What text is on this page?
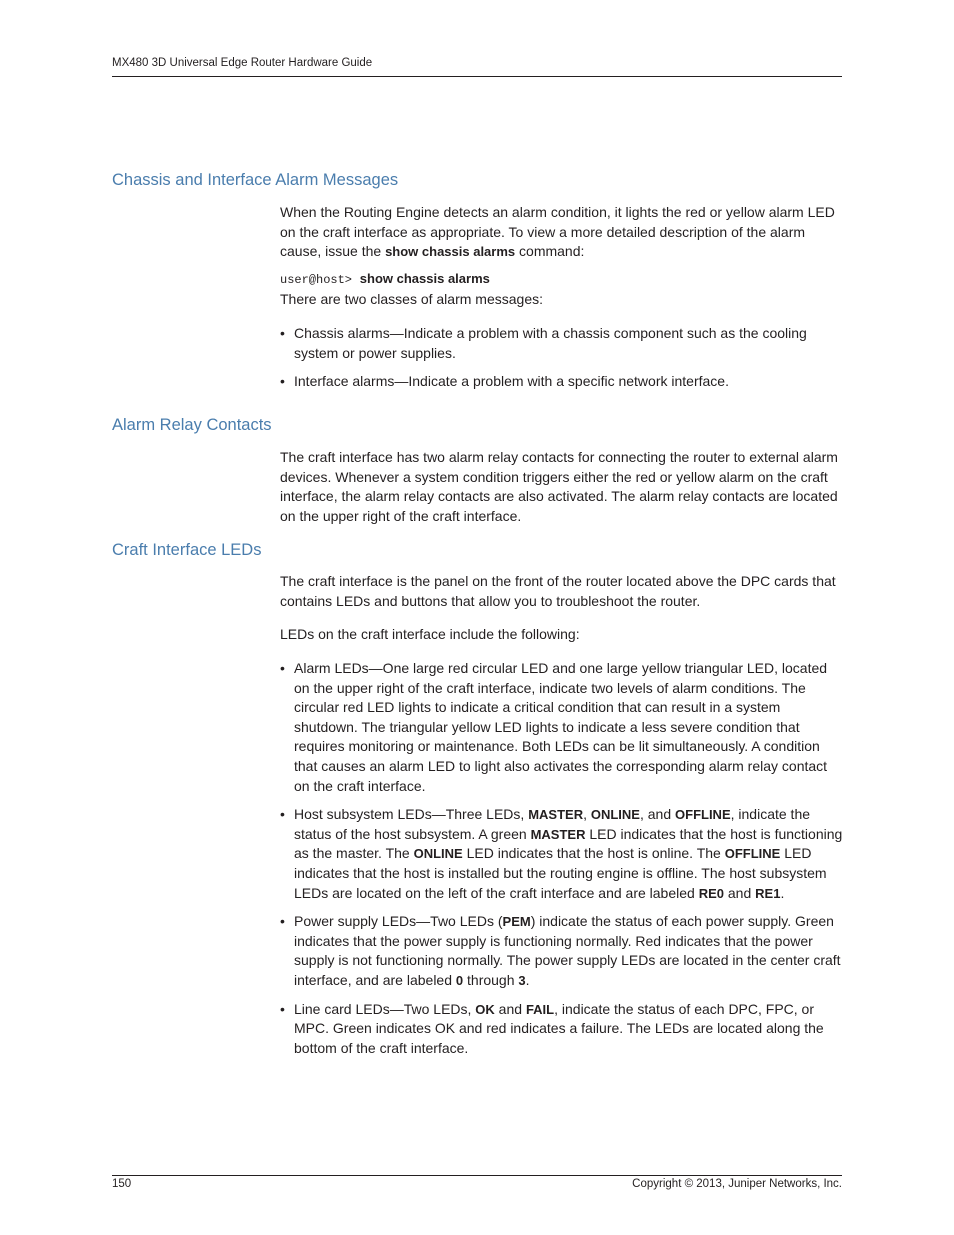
MX480 3D Universal Edge Router Hardware Guide
Chassis and Interface Alarm Messages

When the Routing Engine detects an alarm condition, it lights the red or yellow alarm LED on the craft interface as appropriate. To view a more detailed description of the alarm cause, issue the show chassis alarms command:

user@host> show chassis alarms

There are two classes of alarm messages:
• Chassis alarms—Indicate a problem with a chassis component such as the cooling system or power supplies.
• Interface alarms—Indicate a problem with a specific network interface.
Alarm Relay Contacts
The craft interface has two alarm relay contacts for connecting the router to external alarm devices. Whenever a system condition triggers either the red or yellow alarm on the craft interface, the alarm relay contacts are also activated. The alarm relay contacts are located on the upper right of the craft interface.
Craft Interface LEDs
The craft interface is the panel on the front of the router located above the DPC cards that contains LEDs and buttons that allow you to troubleshoot the router.
LEDs on the craft interface include the following:
• Alarm LEDs—One large red circular LED and one large yellow triangular LED, located on the upper right of the craft interface, indicate two levels of alarm conditions. The circular red LED lights to indicate a critical condition that can result in a system shutdown. The triangular yellow LED lights to indicate a less severe condition that requires monitoring or maintenance. Both LEDs can be lit simultaneously. A condition that causes an alarm LED to light also activates the corresponding alarm relay contact on the craft interface.
• Host subsystem LEDs—Three LEDs, MASTER, ONLINE, and OFFLINE, indicate the status of the host subsystem. A green MASTER LED indicates that the host is functioning as the master. The ONLINE LED indicates that the host is online. The OFFLINE LED indicates that the host is installed but the routing engine is offline. The host subsystem LEDs are located on the left of the craft interface and are labeled RE0 and RE1.
• Power supply LEDs—Two LEDs (PEM) indicate the status of each power supply. Green indicates that the power supply is functioning normally. Red indicates that the power supply is not functioning normally. The power supply LEDs are located in the center craft interface, and are labeled 0 through 3.
• Line card LEDs—Two LEDs, OK and FAIL, indicate the status of each DPC, FPC, or MPC. Green indicates OK and red indicates a failure. The LEDs are located along the bottom of the craft interface.
150	Copyright © 2013, Juniper Networks, Inc.
